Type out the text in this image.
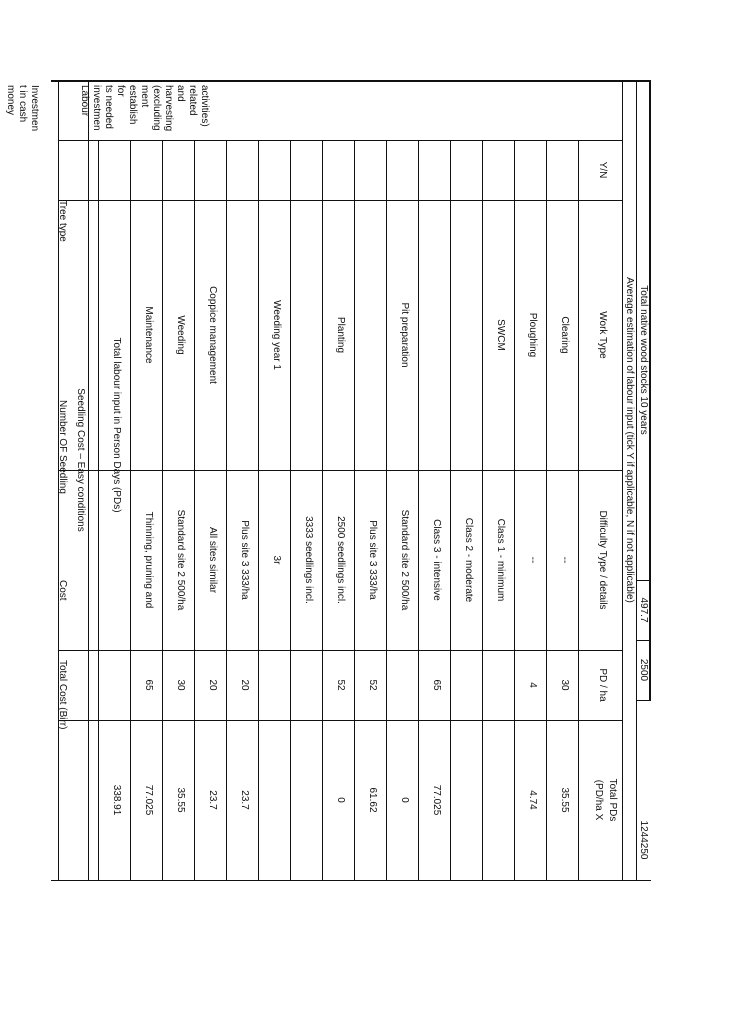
Total native wood stocks 10 years
497.7
2500
1244250
Average estimation of labour input (tick Y if applicable, N if not applicable)
Labour investmen ts needed for establish ment (excluding harvesting and related activities)
Y/N
Work Type
Difficulty Type / details
PD / ha
Total PDs
(PD/ha X
Clearing
--
30
35.55
Ploughing
--
4
4.74
SWCM
Class 1 - minimum
Class 2 - moderate
Class 3 - intensive
65
77.025
Pit preparation
Standard site 2 500/ha
0
Plus site 3 333/ha
52
61.62
Planting
2500 seedlings incl.
52
0
3333 seedlings incl.
Weeding year 1
3r
Plus site 3 333/ha
20
23.7
Coppice management
All sites similar
20
23.7
Weeding
Standard site 2 500/ha
30
35.55
Maintenance
Thinning, pruning and
65
77.025
Total labour input in Person Days (PDs)
338.91
Seedling Cost – Easy conditions
Investmen
t in cash
money
Tree type
Number OF Seedling
Cost
Total Cost (Birr)
